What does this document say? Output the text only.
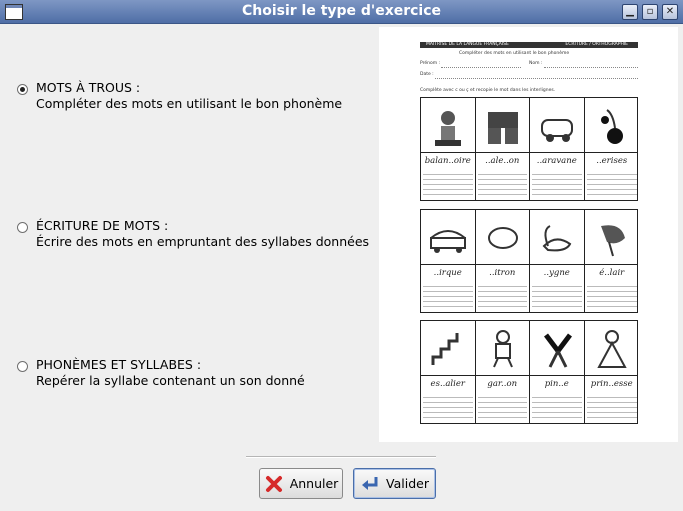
Choisir le type d'exercice	▁	▫	✕
MOTS À TROUS :
Compléter des mots en utilisant le bon phonème
ÉCRITURE DE MOTS :
Écrire des mots en empruntant des syllabes données
PHONÈMES ET SYLLABES :
Repérer la syllabe contenant un son donné
MAITRISE DE LA LANGUE FRANÇAISE	ÉCRITURE / ORTHOGRAPHIE
Compléter des mots en utilisant le bon phonème
Prénom :	Nom :
Date :
Complète avec c ou ç et recopie le mot dans les interlignes.
balan..oire	..ale..on	..aravane	..erises
..irque	..itron	..ygne	é..lair
es..alier	gar..on	pin..e	prin..esse
Annuler	Valider
